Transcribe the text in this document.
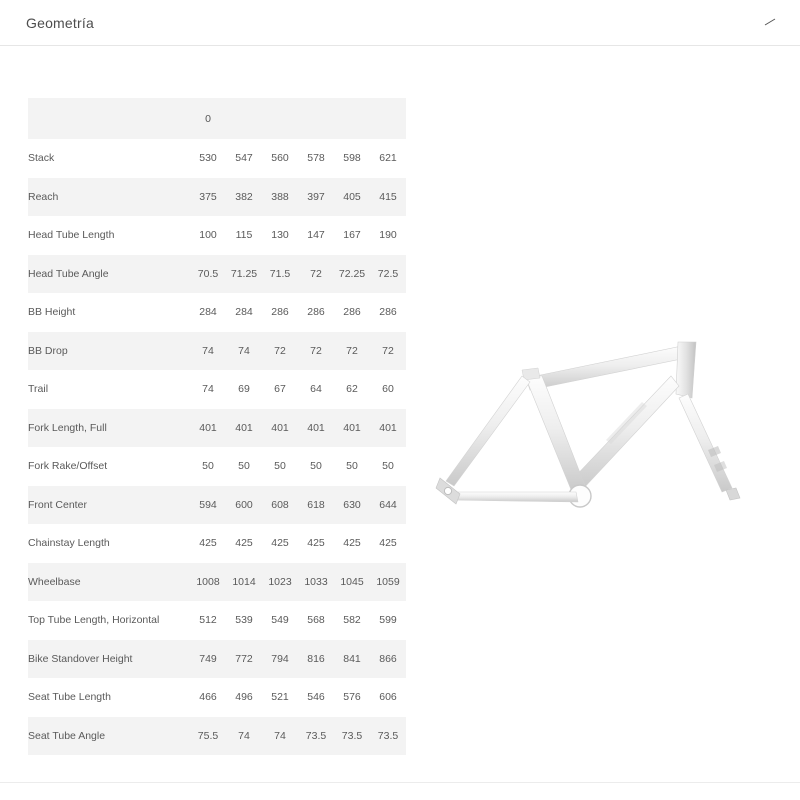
Geometría
	0					
Stack	530	547	560	578	598	621
Reach	375	382	388	397	405	415
Head Tube Length	100	115	130	147	167	190
Head Tube Angle	70.5	71.25	71.5	72	72.25	72.5
BB Height	284	284	286	286	286	286
BB Drop	74	74	72	72	72	72
Trail	74	69	67	64	62	60
Fork Length, Full	401	401	401	401	401	401
Fork Rake/Offset	50	50	50	50	50	50
Front Center	594	600	608	618	630	644
Chainstay Length	425	425	425	425	425	425
Wheelbase	1008	1014	1023	1033	1045	1059
Top Tube Length, Horizontal	512	539	549	568	582	599
Bike Standover Height	749	772	794	816	841	866
Seat Tube Length	466	496	521	546	576	606
Seat Tube Angle	75.5	74	74	73.5	73.5	73.5
